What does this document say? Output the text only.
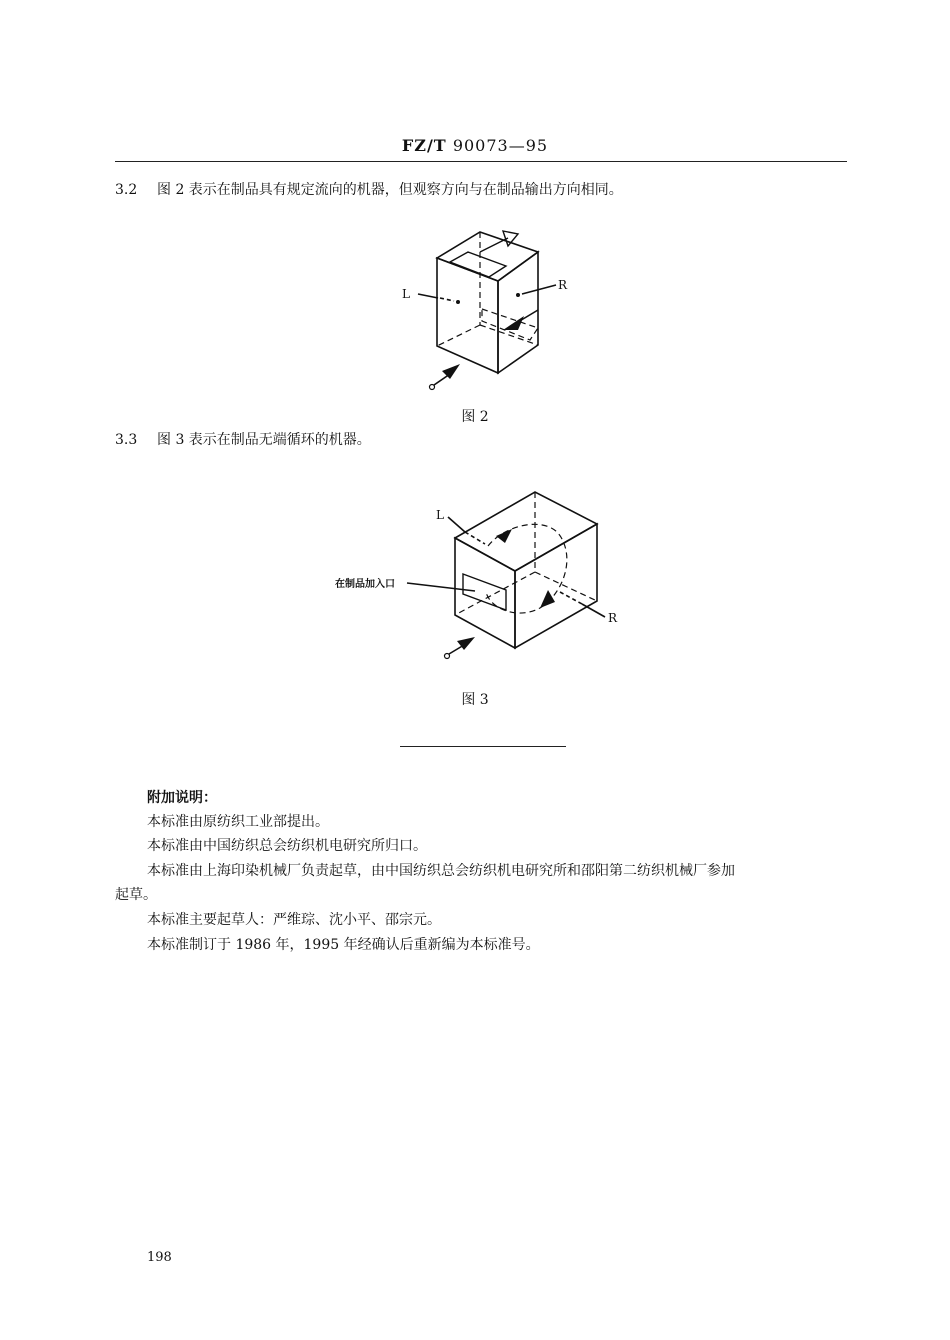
FZ/T 90073—95
3.2 图 2 表示在制品具有规定流向的机器，但观察方向与在制品输出方向相同。
L
R
图 2
3.3 图 3 表示在制品无端循环的机器。
L
R
在制品加入口
图 3
附加说明：
本标准由原纺织工业部提出。
本标准由中国纺织总会纺织机电研究所归口。
本标准由上海印染机械厂负责起草，由中国纺织总会纺织机电研究所和邵阳第二纺织机械厂参加
起草。
本标准主要起草人：严维琮、沈小平、邵宗元。
本标准制订于 1986 年，1995 年经确认后重新编为本标准号。
198
